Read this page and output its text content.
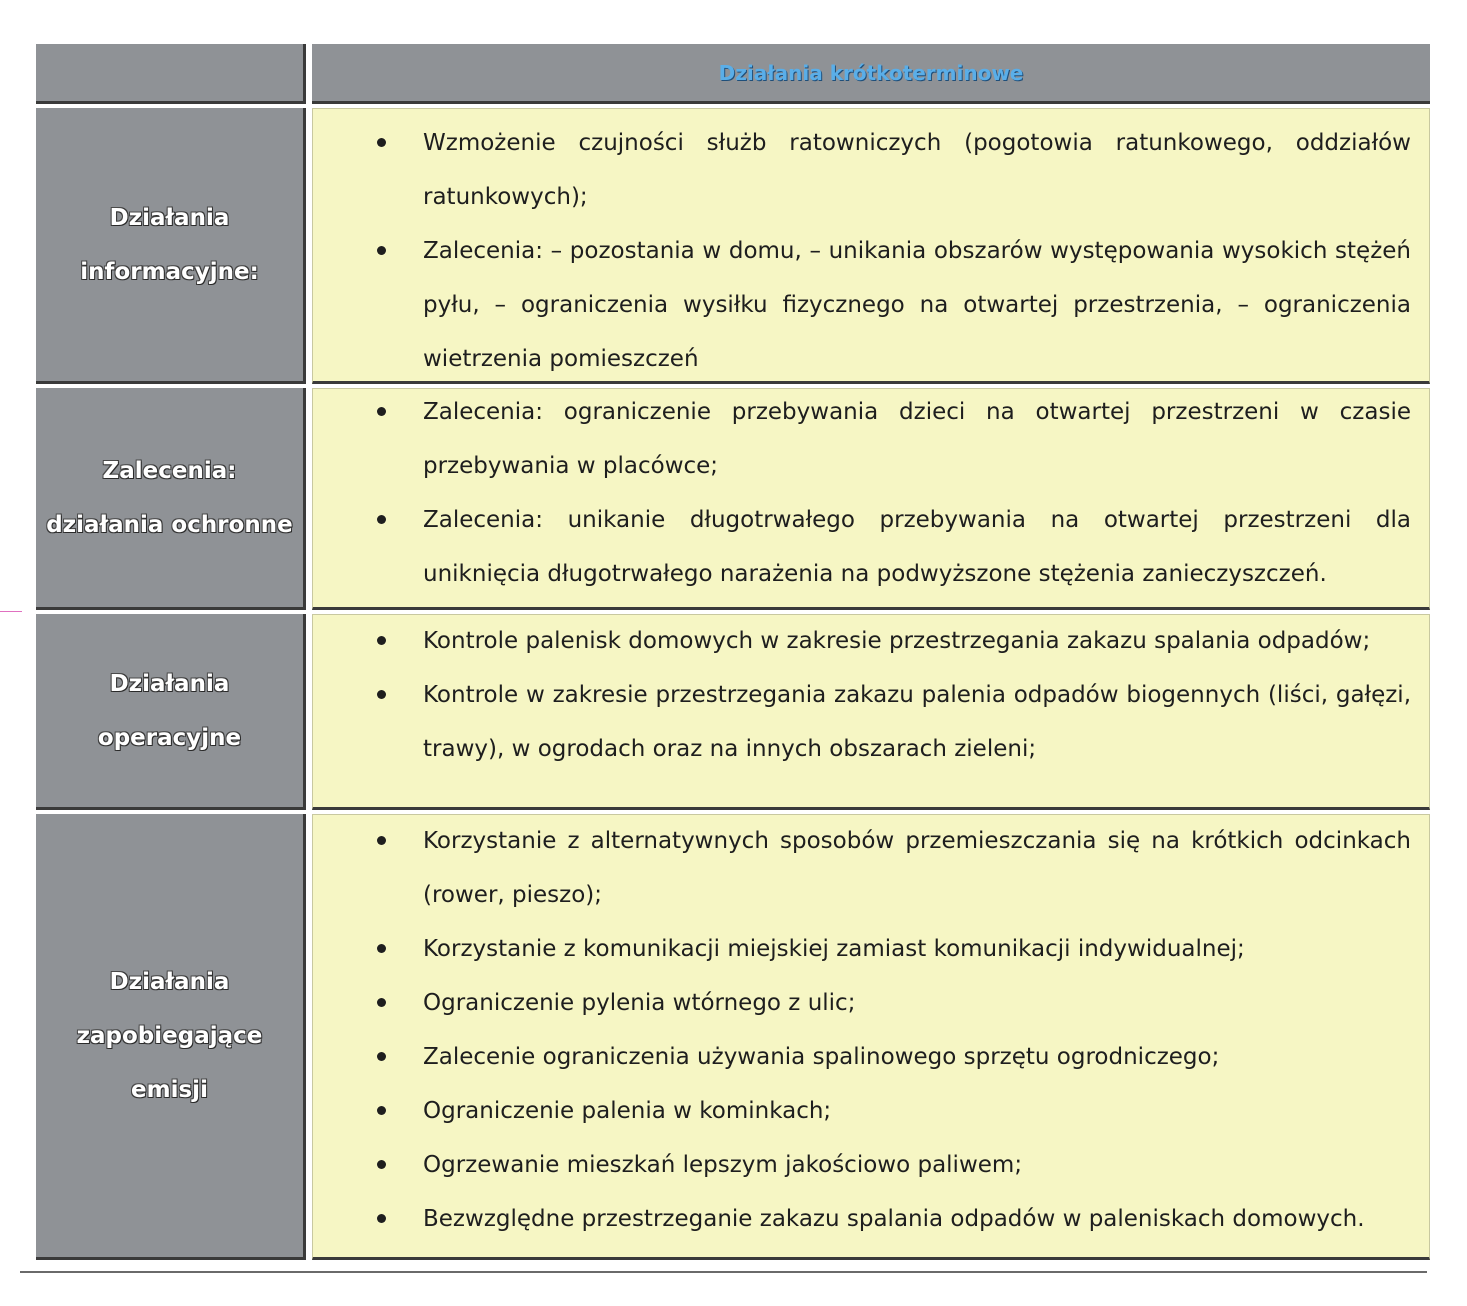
Działania krótkoterminowe
Działania
informacyjne:
Wzmożenie czujności służb ratowniczych (pogotowia ratunkowego, oddziałów ratunkowych);
Zalecenia: – pozostania w domu, – unikania obszarów występowania wysokich stężeń pyłu, – ograniczenia wysiłku fizycznego na otwartej przestrzenia, – ograniczenia wietrzenia pomieszczeń
Zalecenia:
działania ochronne
Zalecenia: ograniczenie przebywania dzieci na otwartej przestrzeni w czasie przebywania w placówce;
Zalecenia: unikanie długotrwałego przebywania na otwartej przestrzeni dla uniknięcia długotrwałego narażenia na podwyższone stężenia zanieczyszczeń.
Działania
operacyjne
Kontrole palenisk domowych w zakresie przestrzegania zakazu spalania odpadów;
Kontrole w zakresie przestrzegania zakazu palenia odpadów biogennych (liści, gałęzi, trawy), w ogrodach oraz na innych obszarach zieleni;
Działania
zapobiegające
emisji
Korzystanie z alternatywnych sposobów przemieszczania się na krótkich odcinkach (rower, pieszo);
Korzystanie z komunikacji miejskiej zamiast komunikacji indywidualnej;
Ograniczenie pylenia wtórnego z ulic;
Zalecenie ograniczenia używania spalinowego sprzętu ogrodniczego;
Ograniczenie palenia w kominkach;
Ogrzewanie mieszkań lepszym jakościowo paliwem;
Bezwzględne przestrzeganie zakazu spalania odpadów w paleniskach domowych.
